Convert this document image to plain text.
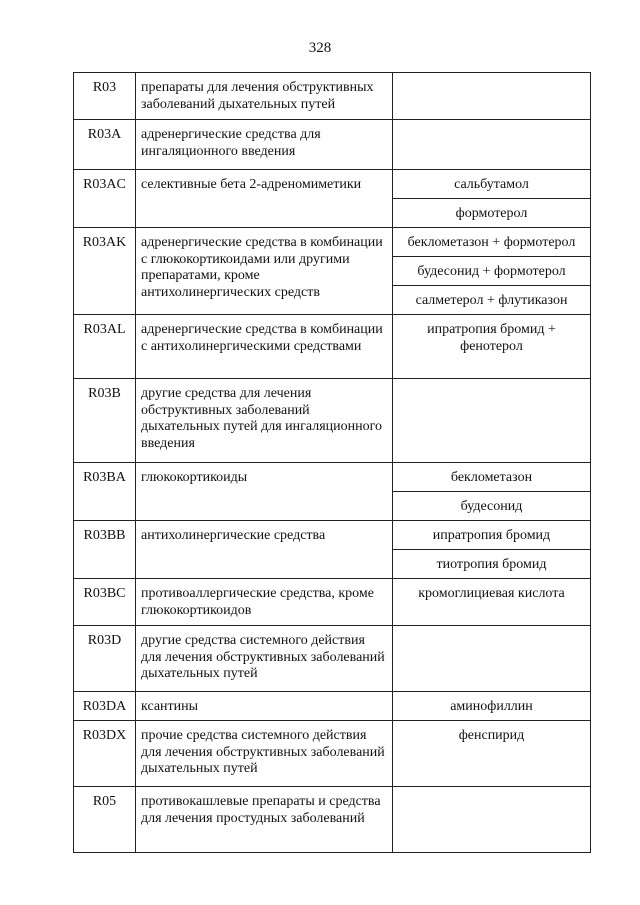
328
R03	препараты для лечения обструктивных заболеваний дыхательных путей	
R03A	адренергические средства для ингаляционного введения	
R03AC	селективные бета 2-адреномиметики	сальбутамол
		формотерол
R03AK	адренергические средства в комбинации с глюкокортикоидами или другими препаратами, кроме антихолинергических средств	беклометазон + формотерол
		будесонид + формотерол
		салметерол + флутиказон
R03AL	адренергические средства в комбинации с антихолинергическими средствами	ипратропия бромид + фенотерол
R03B	другие средства для лечения обструктивных заболеваний дыхательных путей для ингаляционного введения	
R03BA	глюкокортикоиды	беклометазон
		будесонид
R03BB	антихолинергические средства	ипратропия бромид
		тиотропия бромид
R03BC	противоаллергические средства, кроме глюкокортикоидов	кромоглициевая кислота
R03D	другие средства системного действия для лечения обструктивных заболеваний дыхательных путей	
R03DA	ксантины	аминофиллин
R03DX	прочие средства системного действия для лечения обструктивных заболеваний дыхательных путей	фенспирид
R05	противокашлевые препараты и средства для лечения простудных заболеваний	
